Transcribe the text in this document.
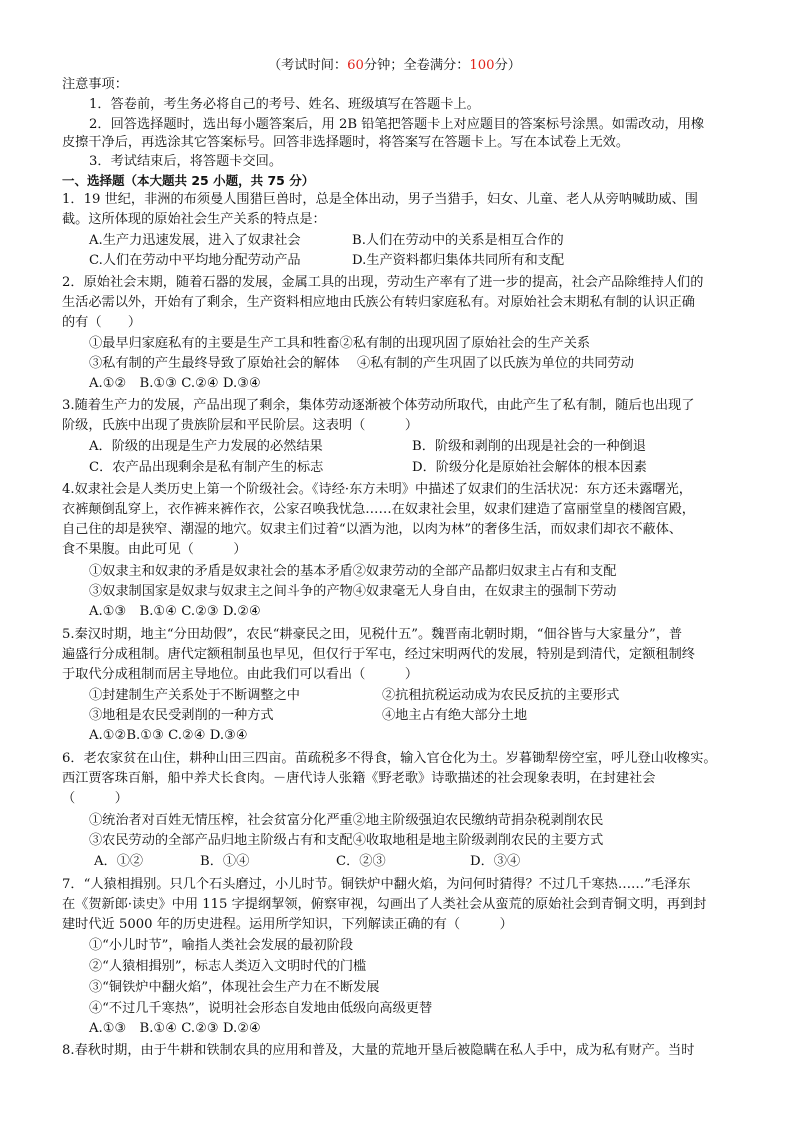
（考试时间：60分钟；全卷满分：100分）
注意事项：
1．答卷前，考生务必将自己的考号、姓名、班级填写在答题卡上。
2．回答选择题时，选出每小题答案后，用 2B 铅笔把答题卡上对应题目的答案标号涂黑。如需改动，用橡
皮擦干净后，再选涂其它答案标号。回答非选择题时，将答案写在答题卡上。写在本试卷上无效。
3．考试结束后，将答题卡交回。
一、选择题（本大题共 25 小题，共 75 分）
1．19 世纪，非洲的布须曼人围猎巨兽时，总是全体出动，男子当猎手，妇女、儿童、老人从旁呐喊助威、围
截。这所体现的原始社会生产关系的特点是：
A.生产力迅速发展，进入了奴隶社会	B.人们在劳动中的关系是相互合作的
C.人们在劳动中平均地分配劳动产品	D.生产资料都归集体共同所有和支配
2．原始社会末期，随着石器的发展，金属工具的出现，劳动生产率有了进一步的提高，社会产品除维持人们的
生活必需以外，开始有了剩余，生产资料相应地由氏族公有转归家庭私有。对原始社会末期私有制的认识正确
的有（　　）
①最早归家庭私有的主要是生产工具和牲畜②私有制的出现巩固了原始社会的生产关系
③私有制的产生最终导致了原始社会的解体　 ④私有制的产生巩固了以氏族为单位的共同劳动
A.①②　B.①③ C.②④ D.③④
3.随着生产力的发展，产品出现了剩余，集体劳动逐渐被个体劳动所取代，由此产生了私有制，随后也出现了
阶级，氏族中出现了贵族阶层和平民阶层。这表明（　　　）
A．阶级的出现是生产力发展的必然结果	B．阶级和剥削的出现是社会的一种倒退
C．农产品出现剩余是私有制产生的标志	D．阶级分化是原始社会解体的根本因素
4.奴隶社会是人类历史上第一个阶级社会。《诗经·东方未明》中描述了奴隶们的生活状况：东方还未露曙光，
衣裤颠倒乱穿上，衣作裤来裤作衣，公家召唤我忧急……在奴隶社会里，奴隶们建造了富丽堂皇的楼阁宫殿，
自己住的却是狭窄、潮湿的地穴。奴隶主们过着“以酒为池，以肉为林”的奢侈生活，而奴隶们却衣不蔽体、
食不果腹。由此可见（　　　）
①奴隶主和奴隶的矛盾是奴隶社会的基本矛盾②奴隶劳动的全部产品都归奴隶主占有和支配
③奴隶制国家是奴隶与奴隶主之间斗争的产物④奴隶毫无人身自由，在奴隶主的强制下劳动
A.①③　B.①④ C.②③ D.②④
5.秦汉时期，地主“分田劫假”，农民“耕豪民之田，见税什五”。魏晋南北朝时期，“佃谷皆与大家量分”，普
遍盛行分成租制。唐代定额租制虽也早见，但仅行于军屯，经过宋明两代的发展，特别是到清代，定额租制终
于取代分成租制而居主导地位。由此我们可以看出（　　　）
①封建制生产关系处于不断调整之中	②抗租抗税运动成为农民反抗的主要形式
③地租是农民受剥削的一种方式	④地主占有绝大部分土地
A.①②B.①③ C.②④ D.③④
6．老农家贫在山住，耕种山田三四亩。苗疏税多不得食，输入官仓化为土。岁暮锄犁傍空室，呼儿登山收橡实。
西江贾客珠百斛，船中养犬长食肉。－唐代诗人张籍《野老歌》诗歌描述的社会现象表明，在封建社会
（　　　）
①统治者对百姓无情压榨，社会贫富分化严重②地主阶级强迫农民缴纳苛捐杂税剥削农民
③农民劳动的全部产品归地主阶级占有和支配④收取地租是地主阶级剥削农民的主要方式
A．①②	B．①④	C．②③	D．③④
7．“人猿相揖别。只几个石头磨过，小儿时节。铜铁炉中翻火焰，为问何时猜得？不过几千寒热……”毛泽东
在《贺新郎·读史》中用 115 字提纲挈领，俯察审视，勾画出了人类社会从蛮荒的原始社会到青铜文明，再到封
建时代近 5000 年的历史进程。运用所学知识，下列解读正确的有（　　　）
①“小儿时节”，喻指人类社会发展的最初阶段
②“人猿相揖别”，标志人类迈入文明时代的门槛
③“铜铁炉中翻火焰”，体现社会生产力在不断发展
④“不过几千寒热”，说明社会形态自发地由低级向高级更替
A.①③　B.①④ C.②③ D.②④
8.春秋时期，由于牛耕和铁制农具的应用和普及，大量的荒地开垦后被隐瞒在私人手中，成为私有财产。当时
